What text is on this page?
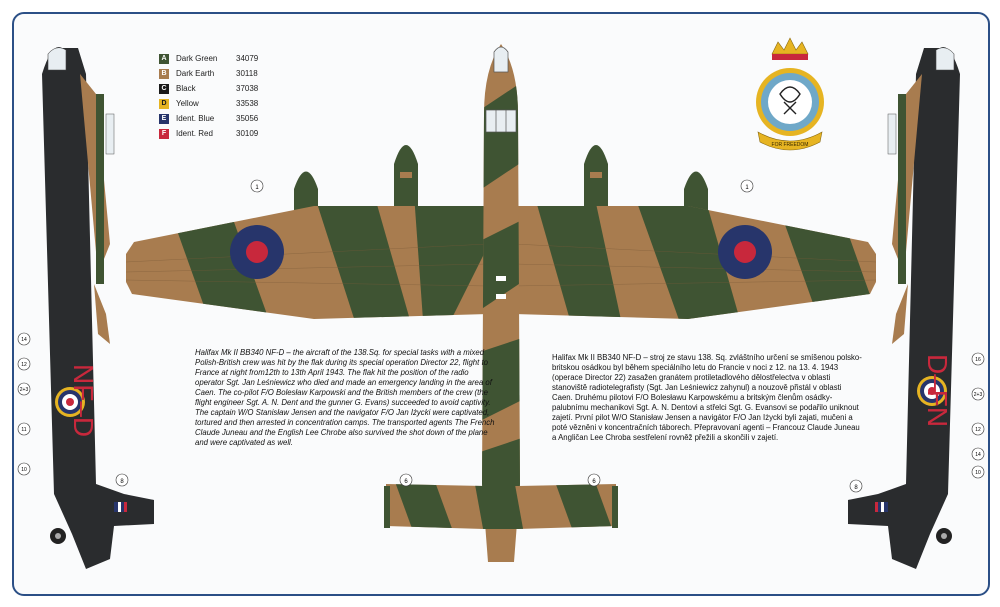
A	Dark Green	34079
B	Dark Earth	30118
C	Black	37038
D	Yellow	33538
E	Ident. Blue	35056
F	Ident. Red	30109
1	1
6	6
NF–D
8
14
12
2+3
11
10
D–FN
8
16
2+3
12
14
10
FOR FREEDOM
Halifax Mk II BB340 NF-D – the aircraft of the 138.Sq. for special tasks with a mixed Polish-British crew was hit by the flak during its special operation Director 22, flight to France at night from12th to 13th April 1943. The flak hit the position of the radio operator Sgt. Jan Leśniewicz who died and made an emergency landing in the area of Caen. The co-pilot F/O Bolesław Karpowski and the British members of the crew (the flight engineer Sgt. A. N. Dent and the gunner G. Evans) succeeded to avoid captivity. The captain W/O Stanisław Jensen and the navigator F/O Jan Iżycki were captivated, tortured and then arrested in concentration camps. The transported agents The French Claude Juneau and the English Lee Chrobe also survived the shot down of the plane and were captivated as well.
Halifax Mk II BB340 NF-D – stroj ze stavu 138. Sq. zvláštního určení se smíšenou polsko-britskou osádkou byl během speciálního letu do Francie v noci z 12. na 13. 4. 1943 (operace Director 22) zasažen granátem protiletadlového dělostřelectva v oblasti stanoviště radiotelegrafisty (Sgt. Jan Leśniewicz zahynul) a nouzově přistál v oblasti Caen. Druhému pilotovi F/O Bolesławu Karpowskému a britským členům osádky-palubnímu mechanikovi Sgt. A. N. Dentovi a střelci Sgt. G. Evansovi se podařilo uniknout zajetí. První pilot W/O Stanisław Jensen a navigátor F/O Jan Iżycki byli zajati, mučeni a poté vězněni v koncentračních táborech. Přepravovaní agenti – Francouz Claude Juneau a Angličan Lee Chroba sestřelení rovněž přežili a skončili v zajetí.
